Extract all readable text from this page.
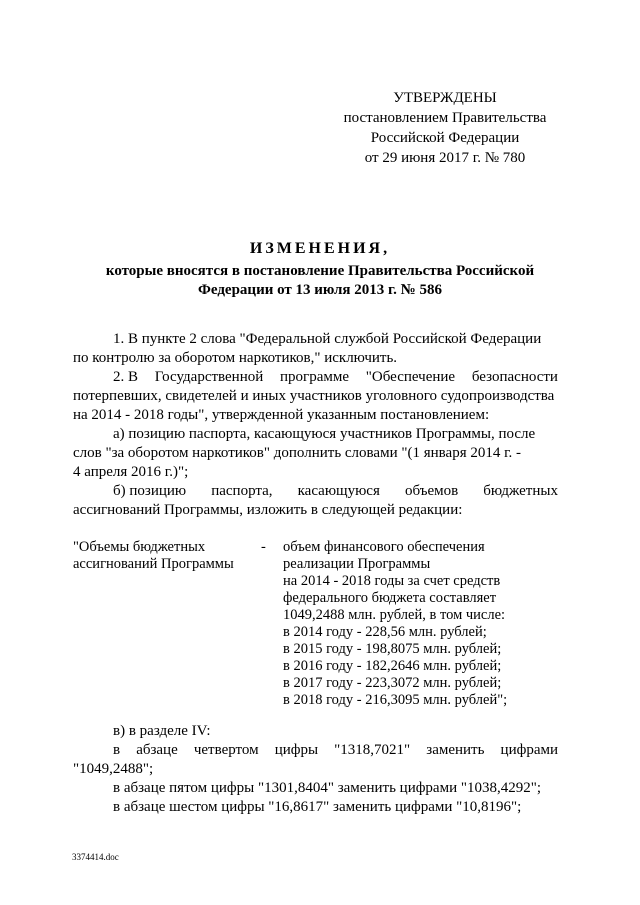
УТВЕРЖДЕНЫ
постановлением Правительства
Российской Федерации
от 29 июня 2017 г. № 780
ИЗМЕНЕНИЯ,
которые вносятся в постановление Правительства Российской
Федерации от 13 июля 2013 г. № 586
1. В пункте 2 слова "Федеральной службой Российской Федерации
по контролю за оборотом наркотиков," исключить.
2. В Государственной программе "Обеспечение безопасности
потерпевших, свидетелей и иных участников уголовного судопроизводства
на 2014 - 2018 годы", утвержденной указанным постановлением:
а) позицию паспорта, касающуюся участников Программы, после
слов "за оборотом наркотиков" дополнить словами "(1 января 2014 г. -
4 апреля 2016 г.)";
б) позицию паспорта, касающуюся объемов бюджетных
ассигнований Программы, изложить в следующей редакции:
"Объемы бюджетных
ассигнований Программы
- объем финансового обеспечения
реализации Программы
на 2014 - 2018 годы за счет средств
федерального бюджета составляет
1049,2488 млн. рублей, в том числе:
в 2014 году - 228,56 млн. рублей;
в 2015 году - 198,8075 млн. рублей;
в 2016 году - 182,2646 млн. рублей;
в 2017 году - 223,3072 млн. рублей;
в 2018 году - 216,3095 млн. рублей";
в) в разделе IV:
в абзаце четвертом цифры "1318,7021" заменить цифрами
"1049,2488";
в абзаце пятом цифры "1301,8404" заменить цифрами "1038,4292";
в абзаце шестом цифры "16,8617" заменить цифрами "10,8196";
3374414.doc
